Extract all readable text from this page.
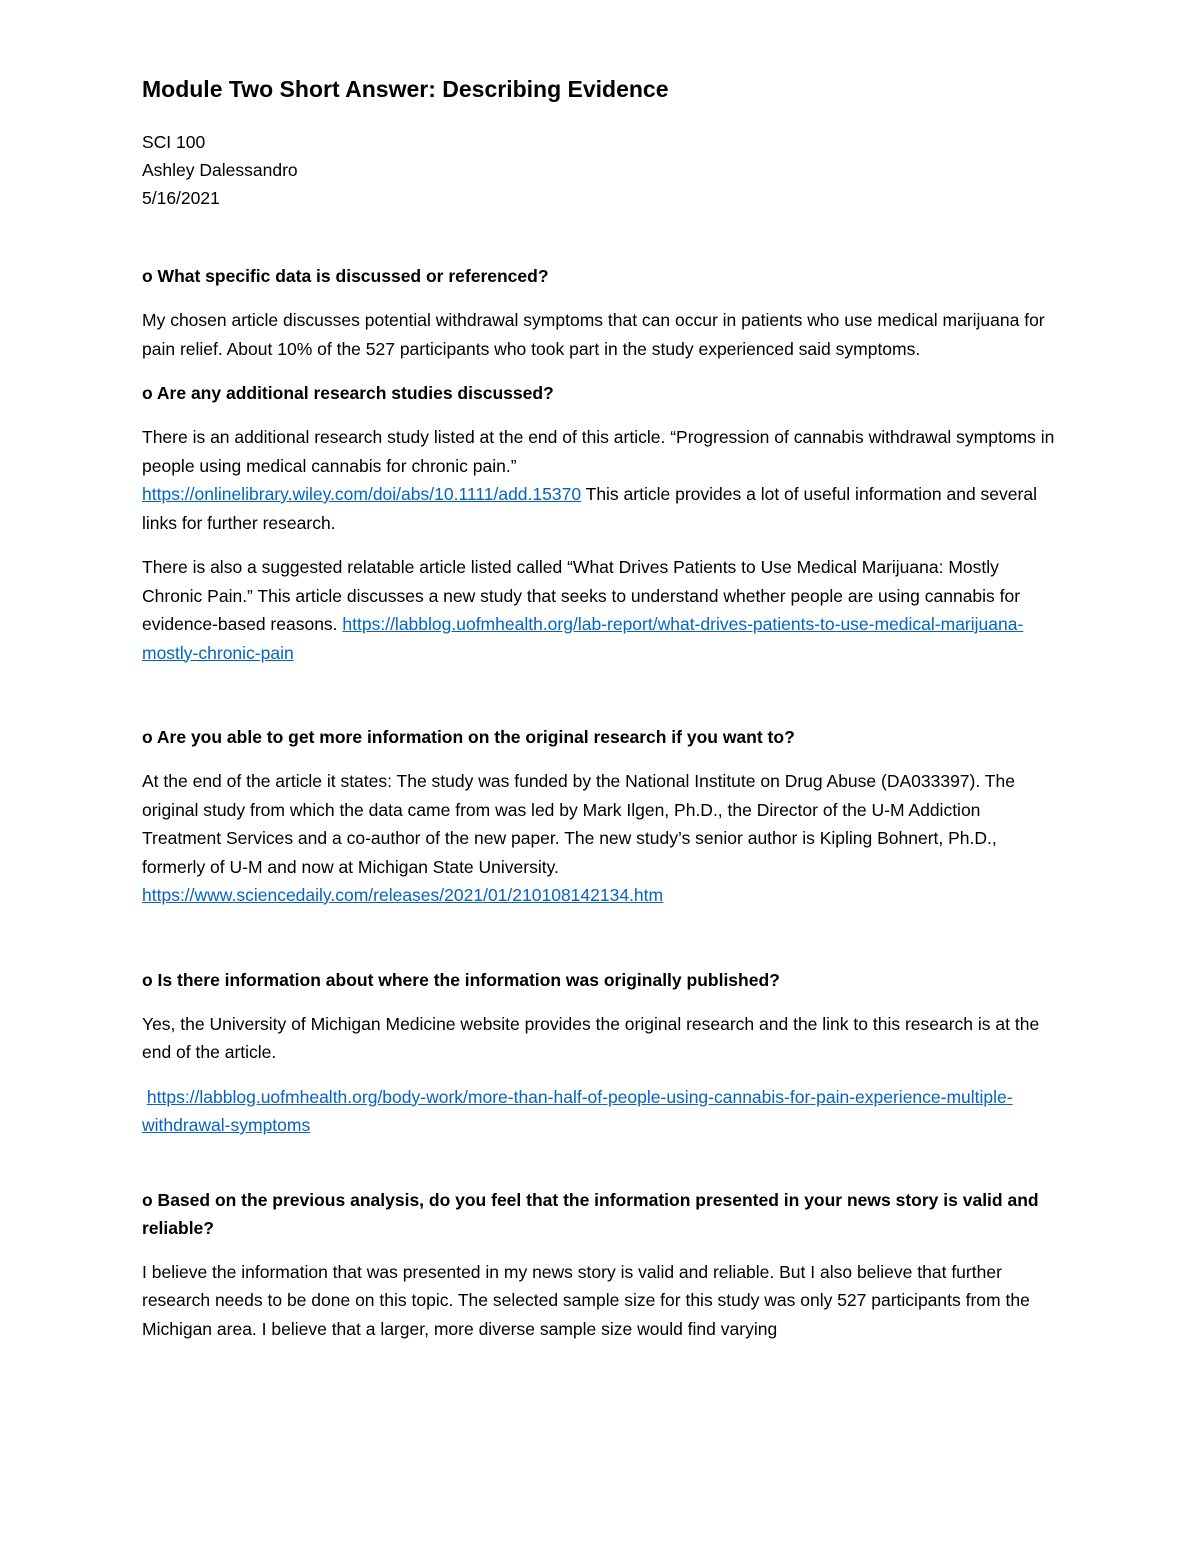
Module Two Short Answer: Describing Evidence
SCI 100
Ashley Dalessandro
5/16/2021
o What specific data is discussed or referenced?
My chosen article discusses potential withdrawal symptoms that can occur in patients who use medical marijuana for pain relief. About 10% of the 527 participants who took part in the study experienced said symptoms.
o Are any additional research studies discussed?
There is an additional research study listed at the end of this article. “Progression of cannabis withdrawal symptoms in people using medical cannabis for chronic pain.”
https://onlinelibrary.wiley.com/doi/abs/10.1111/add.15370 This article provides a lot of useful information and several links for further research.
There is also a suggested relatable article listed called “What Drives Patients to Use Medical Marijuana: Mostly Chronic Pain.” This article discusses a new study that seeks to understand whether people are using cannabis for evidence-based reasons. https://labblog.uofmhealth.org/lab-report/what-drives-patients-to-use-medical-marijuana-mostly-chronic-pain
o Are you able to get more information on the original research if you want to?
At the end of the article it states: The study was funded by the National Institute on Drug Abuse (DA033397). The original study from which the data came from was led by Mark Ilgen, Ph.D., the Director of the U-M Addiction Treatment Services and a co-author of the new paper. The new study’s senior author is Kipling Bohnert, Ph.D., formerly of U-M and now at Michigan State University.
https://www.sciencedaily.com/releases/2021/01/210108142134.htm
o Is there information about where the information was originally published?
Yes, the University of Michigan Medicine website provides the original research and the link to this research is at the end of the article.
https://labblog.uofmhealth.org/body-work/more-than-half-of-people-using-cannabis-for-pain-experience-multiple-withdrawal-symptoms
o Based on the previous analysis, do you feel that the information presented in your news story is valid and reliable?
I believe the information that was presented in my news story is valid and reliable. But I also believe that further research needs to be done on this topic. The selected sample size for this study was only 527 participants from the Michigan area. I believe that a larger, more diverse sample size would find varying
